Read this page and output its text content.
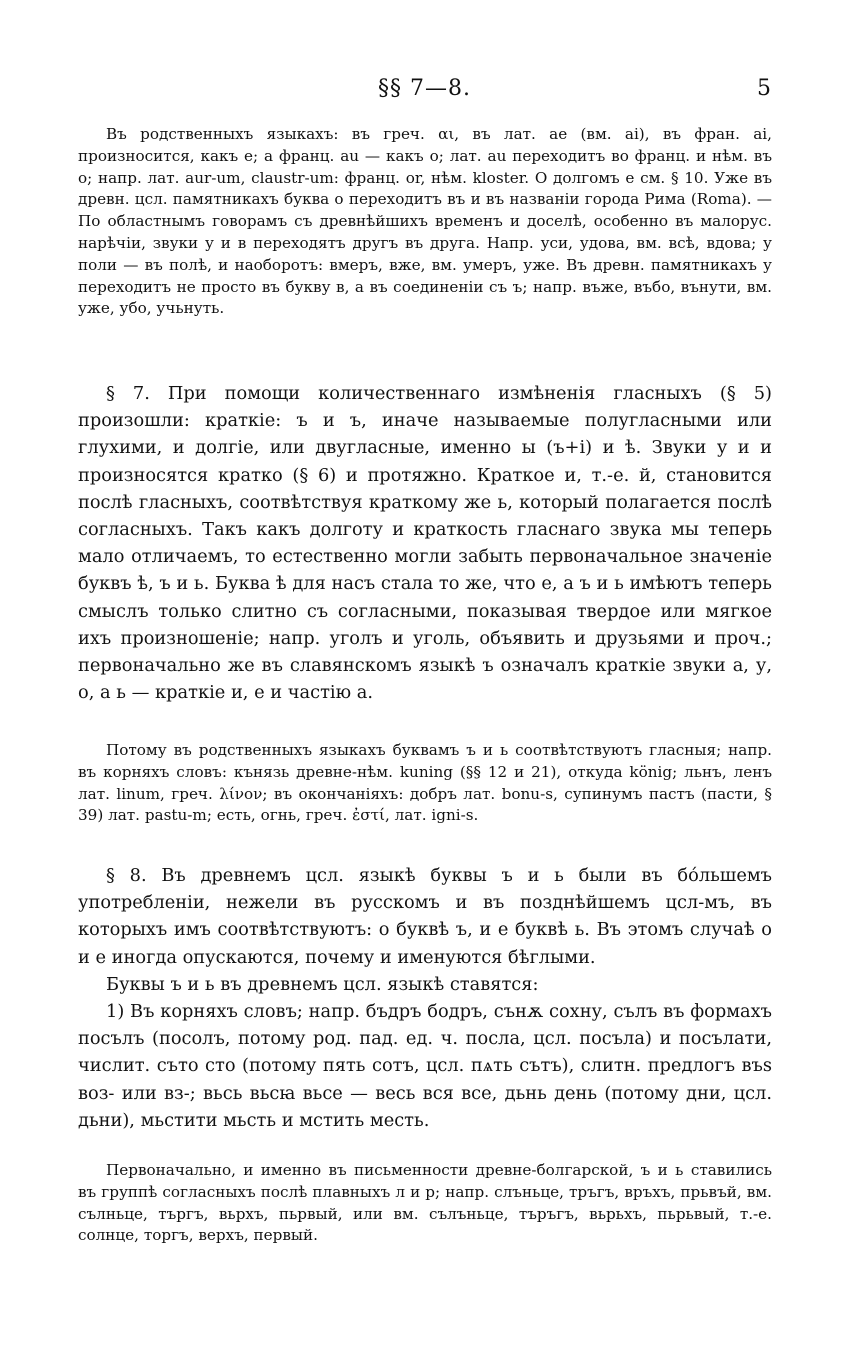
§§ 7—8.	5

Въ родственныхъ языкахъ: въ греч. αι, въ лат. ae (вм. ai), въ фран. ai, произносится, какъ e; а франц. au — какъ o; лат. au переходитъ во франц. и нѣм. въ o; напр. лат. aur-um, claustr-um: франц. or, нѣм. kloster. О долгомъ e см. § 10. Уже въ древн. цсл. памятникахъ буква о переходитъ въ и въ названіи города Рима (Roma). — По областнымъ говорамъ съ древнѣйшихъ временъ и доселѣ, особенно въ малорус. нарѣчіи, звуки у и в переходятъ другъ въ друга. Напр. уси, удова, вм. всѣ, вдова; у поли — въ полѣ, и наоборотъ: вмеръ, вже, вм. умеръ, уже. Въ древн. памятникахъ у переходитъ не просто въ букву в, а въ соединеніи съ ъ; напр. въже, въбо, вънути, вм. уже, убо, учьнуть.

§ 7. При помощи количественнаго измѣненія гласныхъ (§ 5) произошли: краткіе: ъ и ъ, иначе называемые полугласными или глухими, и долгіе, или двугласные, именно ы (ъ+і) и ѣ. Звуки у и и произносятся кратко (§ 6) и протяжно. Краткое и, т.-е. й, становится послѣ гласныхъ, соотвѣтствуя краткому же ь, который полагается послѣ согласныхъ. Такъ какъ долготу и краткость гласнаго звука мы теперь мало отличаемъ, то естественно могли забыть первоначальное значеніе буквъ ѣ, ъ и ь. Буква ѣ для насъ стала то же, что е, а ъ и ь имѣютъ теперь смыслъ только слитно съ согласными, показывая твердое или мягкое ихъ произношеніе; напр. уголъ и уголь, объявить и друзьями и проч.; первоначально же въ славянскомъ языкѣ ъ означалъ краткіе звуки а, у, о, а ь — краткіе и, е и частію а.

Потому въ родственныхъ языкахъ буквамъ ъ и ь соотвѣтствуютъ гласныя; напр. въ корняхъ словъ: кънязь древне-нѣм. kuning (§§ 12 и 21), откуда könig; льнъ, ленъ лат. linum, греч. λίνον; въ окончаніяхъ: добръ лат. bonu-s, супинумъ пастъ (пасти, § 39) лат. pastu-m; есть, огнь, греч. ἐστί, лат. igni-s.

§ 8. Въ древнемъ цсл. языкѣ буквы ъ и ь были въ бо́льшемъ употребленіи, нежели въ русскомъ и въ позднѣйшемъ цсл-мъ, въ которыхъ имъ соотвѣтствуютъ: о буквѣ ъ, и е буквѣ ь. Въ этомъ случаѣ о и е иногда опускаются, почему и именуются бѣглыми.

Буквы ъ и ь въ древнемъ цсл. языкѣ ставятся:

1) Въ корняхъ словъ; напр. бъдръ бодръ, сънѫ сохну, сълъ въ формахъ посълъ (посолъ, потому род. пад. ед. ч. посла, цсл. посъла) и посълати, числит. съто сто (потому пять сотъ, цсл. пѧть сътъ), слитн. предлогъ въѕ воз- или вз-; вьсь вьсꙗ вьсе — весь вся все, дьнь день (потому дни, цсл. дьни), мьстити мьсть и мстить месть.

Первоначально, и именно въ письменности древне-болгарской, ъ и ь ставились въ группѣ согласныхъ послѣ плавныхъ л и р; напр. слъньце, тръгъ, връхъ, прьвъй, вм. сълньце, търгъ, вьрхъ, пьрвый, или вм. сълъньце, търъгъ, вьрьхъ, пьрьвый, т.-е. солнце, торгъ, верхъ, первый.
